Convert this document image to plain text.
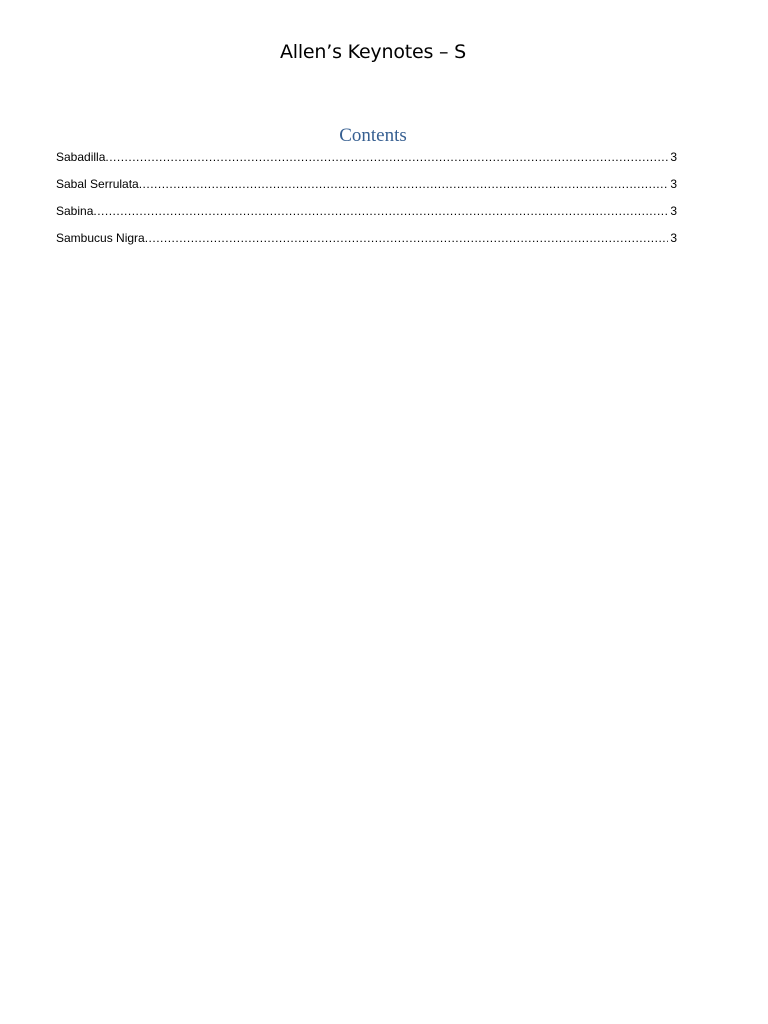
Allen’s Keynotes – S
Contents
Sabadilla .....	3
Sabal Serrulata .....	3
Sabina .....	3
Sambucus Nigra .....	3
